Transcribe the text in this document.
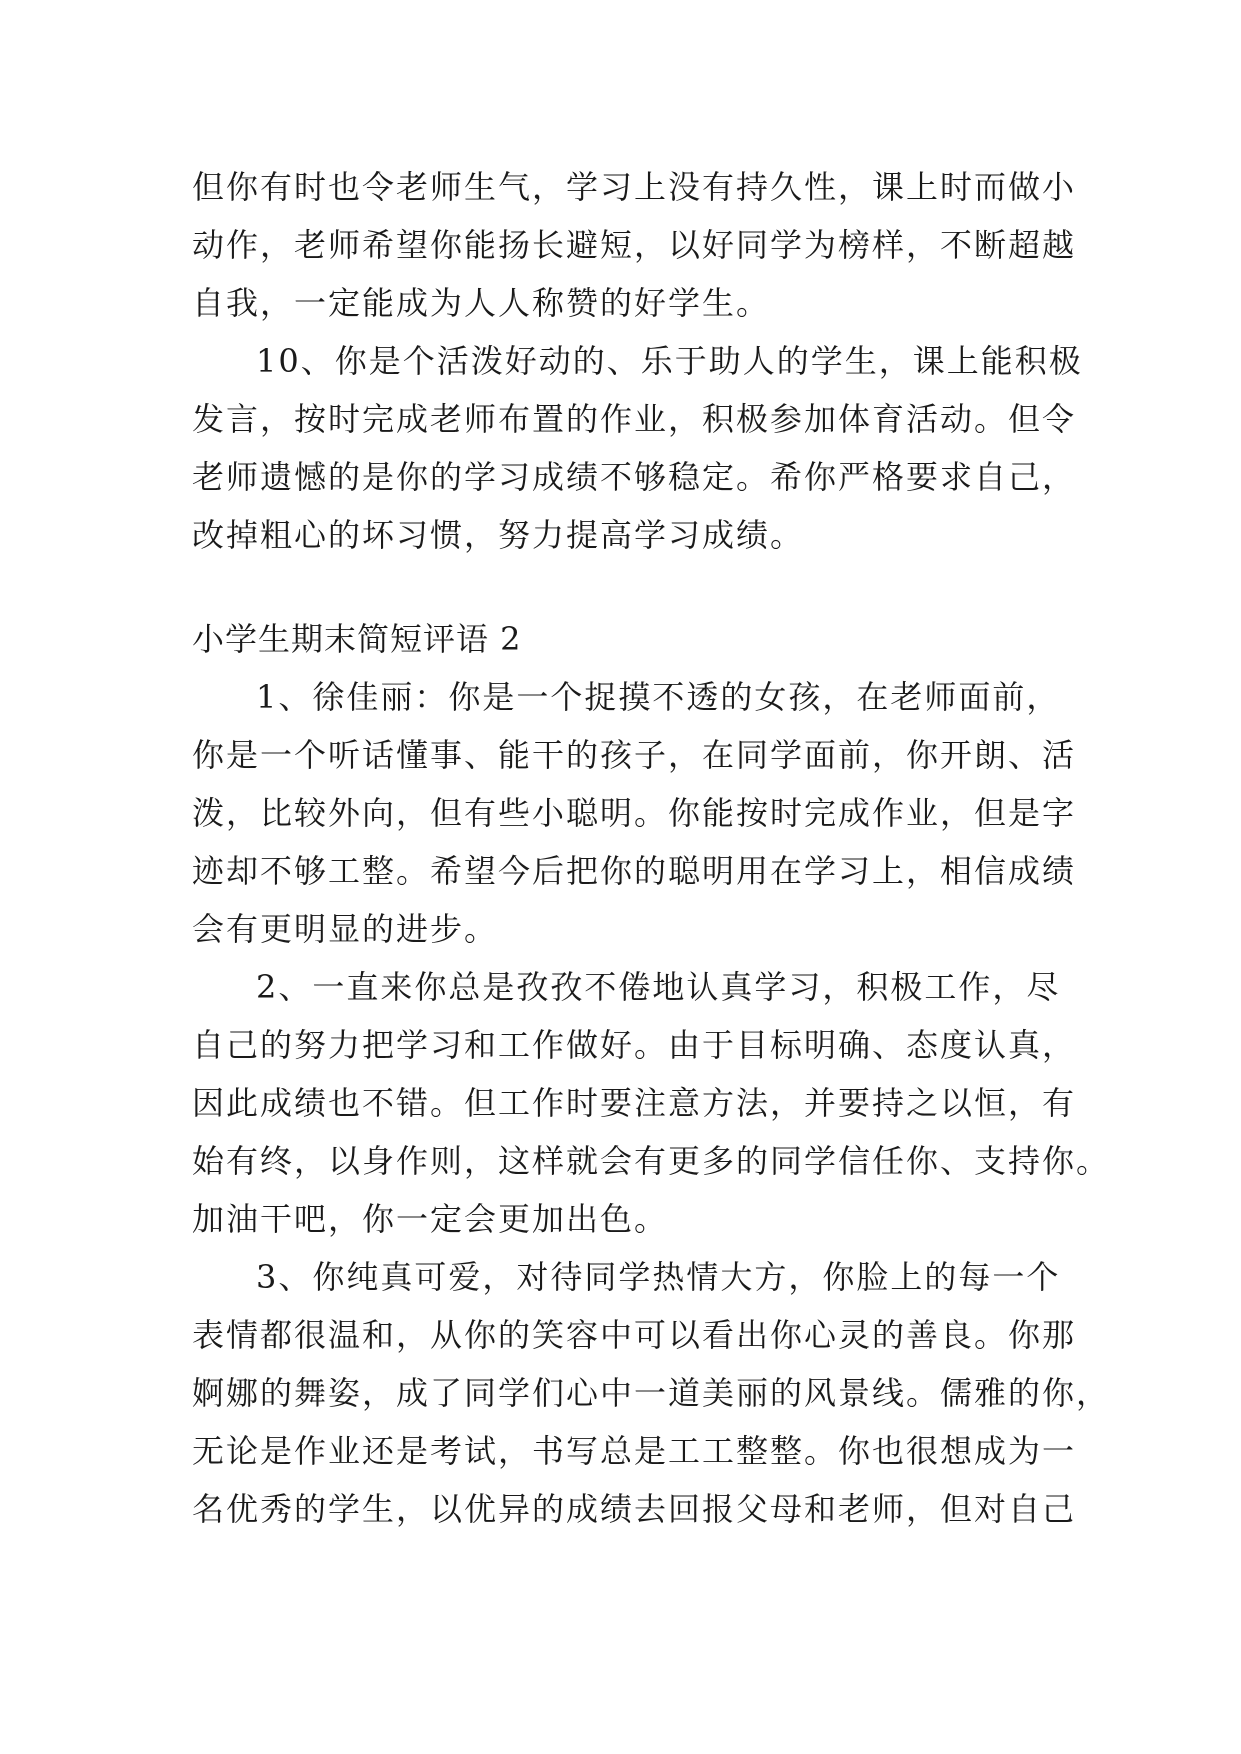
但你有时也令老师生气，学习上没有持久性，课上时而做小
动作，老师希望你能扬长避短，以好同学为榜样，不断超越
自我，一定能成为人人称赞的好学生。
10、你是个活泼好动的、乐于助人的学生，课上能积极
发言，按时完成老师布置的作业，积极参加体育活动。但令
老师遗憾的是你的学习成绩不够稳定。希你严格要求自己，
改掉粗心的坏习惯，努力提高学习成绩。
小学生期末简短评语 2
1、徐佳丽：你是一个捉摸不透的女孩，在老师面前，
你是一个听话懂事、能干的孩子，在同学面前，你开朗、活
泼，比较外向，但有些小聪明。你能按时完成作业，但是字
迹却不够工整。希望今后把你的聪明用在学习上，相信成绩
会有更明显的进步。
2、一直来你总是孜孜不倦地认真学习，积极工作，尽
自己的努力把学习和工作做好。由于目标明确、态度认真，
因此成绩也不错。但工作时要注意方法，并要持之以恒，有
始有终，以身作则，这样就会有更多的同学信任你、支持你。
加油干吧，你一定会更加出色。
3、你纯真可爱，对待同学热情大方，你脸上的每一个
表情都很温和，从你的笑容中可以看出你心灵的善良。你那
婀娜的舞姿，成了同学们心中一道美丽的风景线。儒雅的你，
无论是作业还是考试，书写总是工工整整。你也很想成为一
名优秀的学生，以优异的成绩去回报父母和老师，但对自己
